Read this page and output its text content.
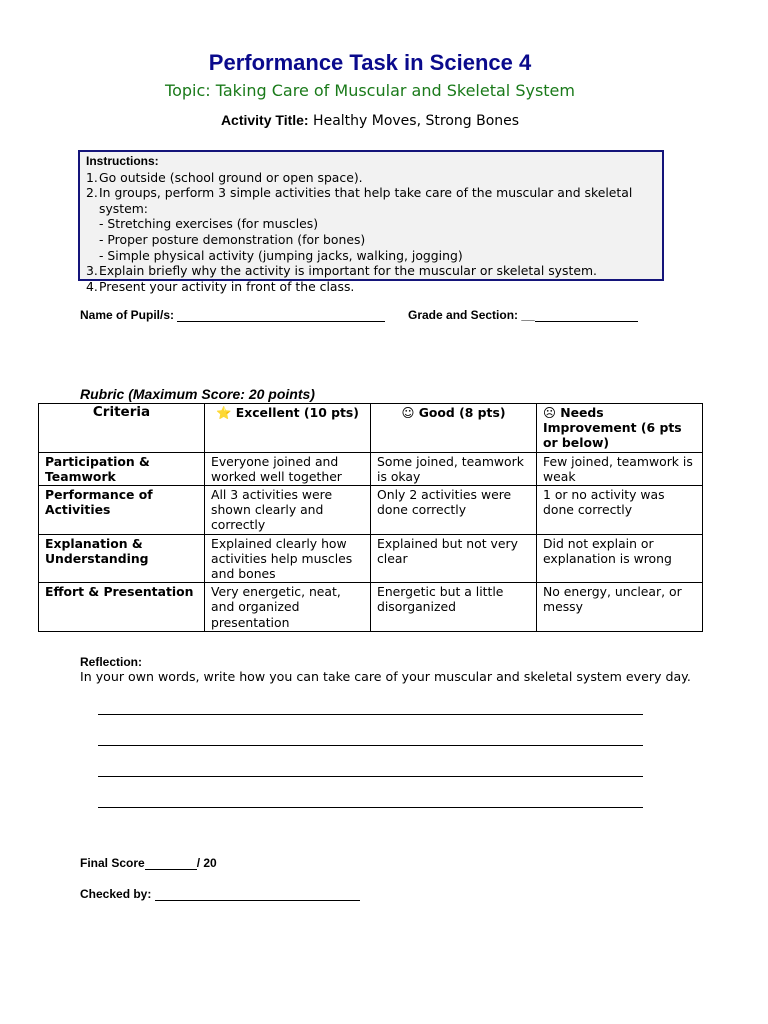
Performance Task in Science 4
Topic: Taking Care of Muscular and Skeletal System
Activity Title: Healthy Moves, Strong Bones
Instructions:
1.Go outside (school ground or open space).
2.In groups, perform 3 simple activities that help take care of the muscular and skeletal
system:
- Stretching exercises (for muscles)
- Proper posture demonstration (for bones)
- Simple physical activity (jumping jacks, walking, jogging)
3.Explain briefly why the activity is important for the muscular or skeletal system.
4.Present your activity in front of the class.
Name of Pupil/s:	Grade and Section: __
Rubric (Maximum Score: 20 points)
Criteria	⭐ Excellent (10 pts)	☺ Good (8 pts)	☹ Needs Improvement (6 pts or below)
Participation & Teamwork	Everyone joined and worked well together	Some joined, teamwork is okay	Few joined, teamwork is weak
Performance of Activities	All 3 activities were shown clearly and correctly	Only 2 activities were done correctly	1 or no activity was done correctly
Explanation & Understanding	Explained clearly how activities help muscles and bones	Explained but not very clear	Did not explain or explanation is wrong
Effort & Presentation	Very energetic, neat, and organized presentation	Energetic but a little disorganized	No energy, unclear, or messy
Reflection:
In your own words, write how you can take care of your muscular and skeletal system every day.
Final Score	/ 20
Checked by:
